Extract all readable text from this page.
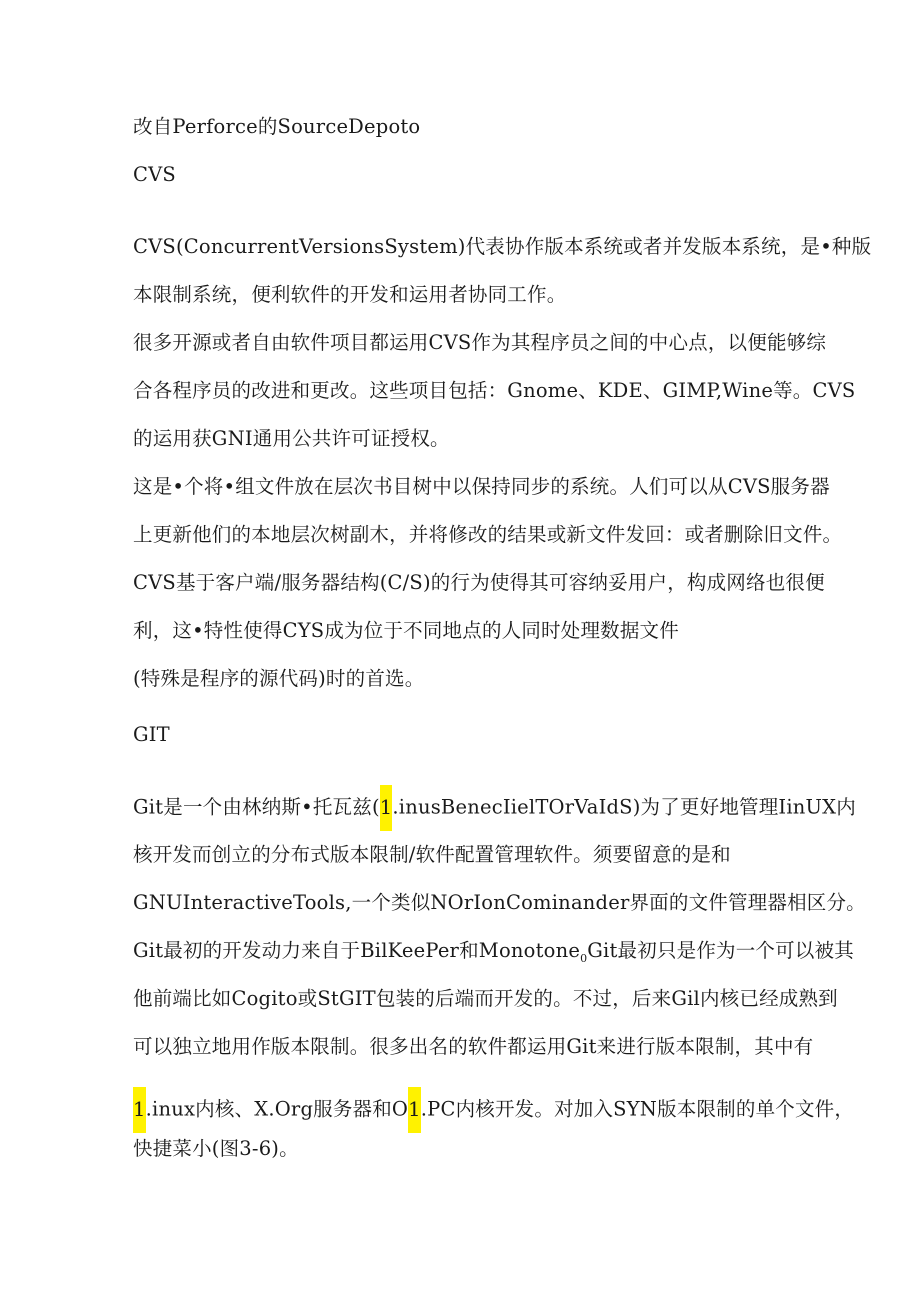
改自Perforce的SourceDepoto
CVS
CVS(ConcurrentVersionsSystem)代表协作版本系统或者并发版本系统，是•种版
本限制系统，便利软件的开发和运用者协同工作。
很多开源或者自由软件项目都运用CVS作为其程序员之间的中心点，以便能够综
合各程序员的改进和更改。这些项目包括：Gnome、KDE、GIMP,Wine等。CVS
的运用获GNI通用公共许可证授权。
这是•个将•组文件放在层次书目树中以保持同步的系统。人们可以从CVS服务器
上更新他们的本地层次树副木，并将修改的结果或新文件发回：或者删除旧文件。
CVS基于客户端/服务器结构(C/S)的行为使得其可容纳妥用户，构成网络也很便
利，这•特性使得CYS成为位于不同地点的人同时处理数据文件
(特殊是程序的源代码)时的首选。
GIT
Git是一个由林纳斯•托瓦兹(1.inusBenecIielTOrVaIdS)为了更好地管理IinUX内
核开发而创立的分布式版本限制/软件配置管理软件。须要留意的是和
GNUInteractiveTools,一个类似NOrIonCominander界面的文件管理器相区分。
Git最初的开发动力来自于BilKeePer和Monotone$_0$Git最初只是作为一个可以被其
他前端比如Cogito或StGIT包装的后端而开发的。不过，后来Gil内核已经成熟到
可以独立地用作版本限制。很多出名的软件都运用Git来进行版本限制，其中有
1.inux内核、X.Org服务器和O1.PC内核开发。对加入SYN版本限制的单个文件，
快捷菜小(图3-6)。
